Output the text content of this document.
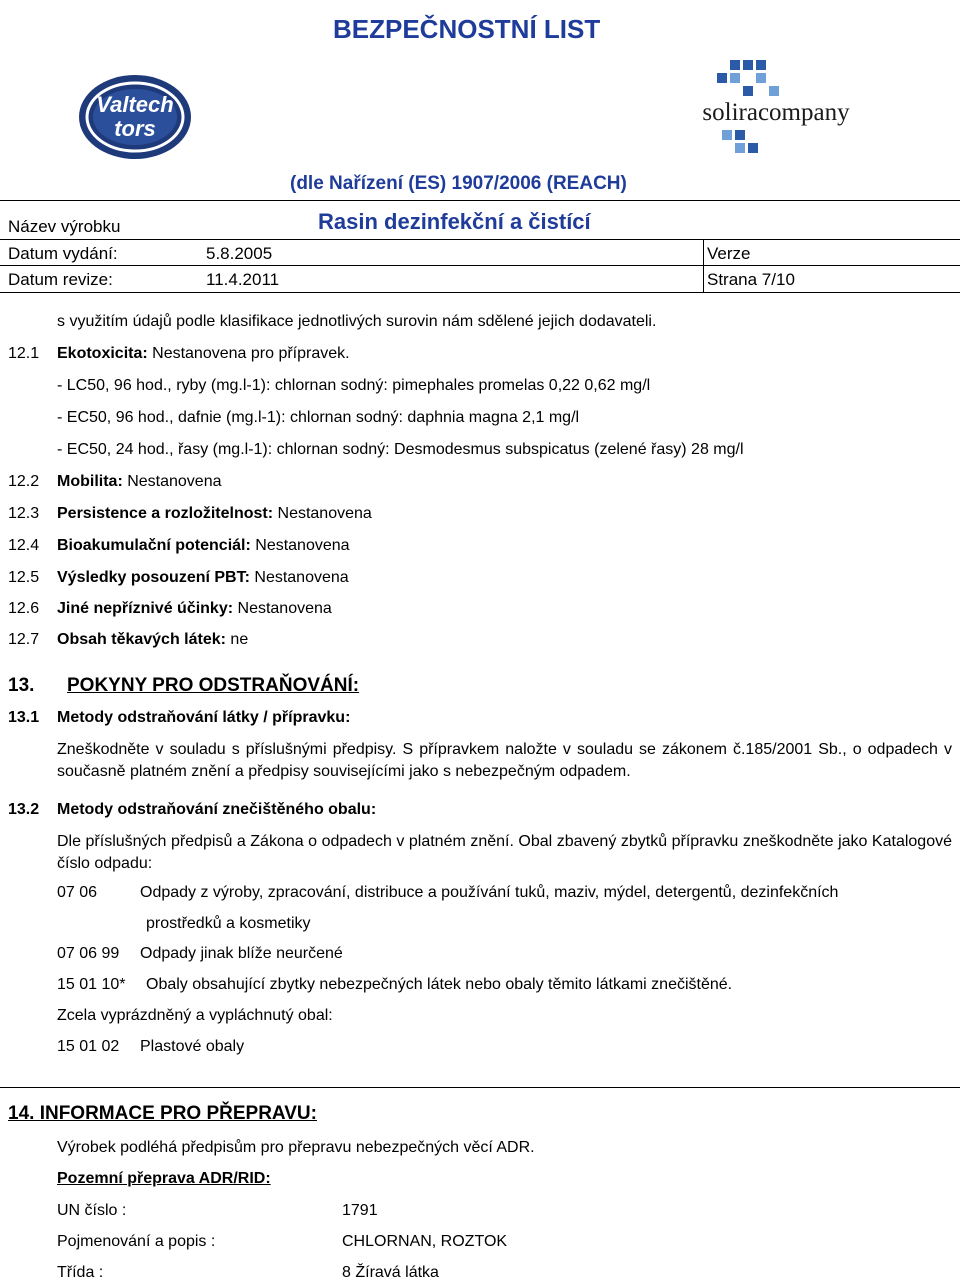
Valtech
tors
BEZPEČNOSTNÍ LIST
soliracompany
(dle Nařízení (ES) 1907/2006 (REACH)
Rasin dezinfekční a čistící
Název výrobku
Datum vydání:	5.8.2005	Verze
Datum revize:	11.4.2011	Strana 7/10
s využitím údajů podle klasifikace jednotlivých surovin nám sdělené jejich dodavateli.
12.1 Ekotoxicita: Nestanovena pro přípravek.
- LC50, 96 hod., ryby (mg.l-1): chlornan sodný: pimephales promelas 0,22 0,62 mg/l
- EC50, 96 hod., dafnie (mg.l-1): chlornan sodný: daphnia magna 2,1 mg/l
- EC50, 24 hod., řasy (mg.l-1): chlornan sodný: Desmodesmus subspicatus (zelené řasy) 28 mg/l
12.2 Mobilita: Nestanovena
12.3 Persistence a rozložitelnost: Nestanovena
12.4 Bioakumulační potenciál: Nestanovena
12.5 Výsledky posouzení PBT: Nestanovena
12.6 Jiné nepříznivé účinky: Nestanovena
12.7 Obsah těkavých látek: ne
13. POKYNY PRO ODSTRAŇOVÁNÍ:
13.1 Metody odstraňování látky / přípravku:
Zneškodněte v souladu s příslušnými předpisy. S přípravkem naložte v souladu se zákonem č.185/2001 Sb., o odpadech v současně platném znění a předpisy souvisejícími jako s nebezpečným odpadem.
13.2 Metody odstraňování znečištěného obalu:
Dle příslušných předpisů a Zákona o odpadech v platném znění. Obal zbavený zbytků přípravku zneškodněte jako Katalogové číslo odpadu:
07 06	Odpady z výroby, zpracování, distribuce a používání tuků, maziv, mýdel, detergentů, dezinfekčních
prostředků a kosmetiky
07 06 99 Odpady jinak blíže neurčené
15 01 10* Obaly obsahující zbytky nebezpečných látek nebo obaly těmito látkami znečištěné.
Zcela vyprázdněný a vypláchnutý obal:
15 01 02 Plastové obaly
14. INFORMACE PRO PŘEPRAVU:
Výrobek podléhá předpisům pro přepravu nebezpečných věcí ADR.
Pozemní přeprava ADR/RID:
UN číslo :	1791
Pojmenování a popis :	CHLORNAN, ROZTOK
Třída :	8 Žíravá látka
